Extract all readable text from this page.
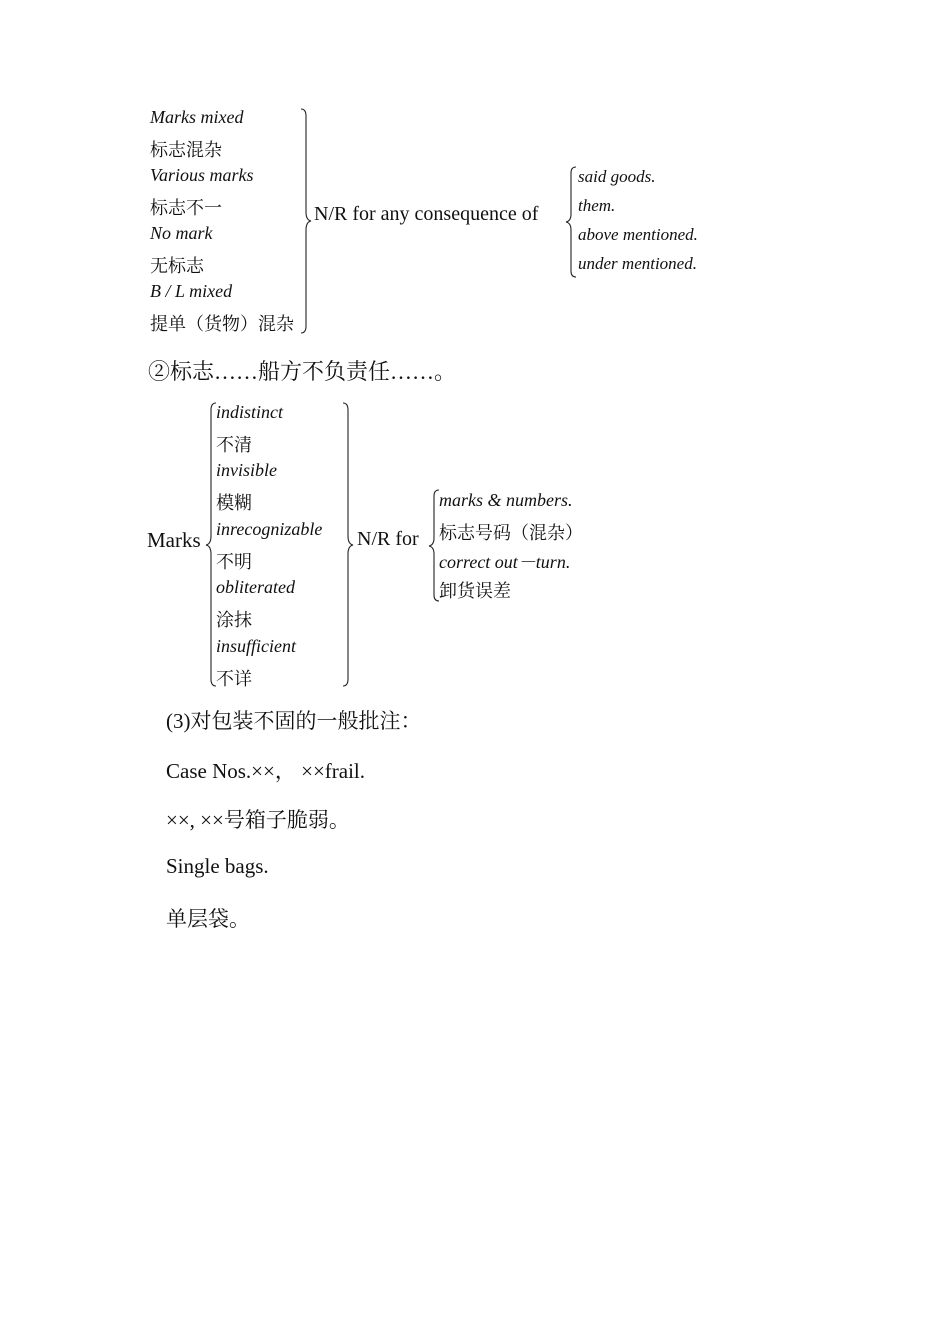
Marks mixed
标志混杂
Various marks
标志不一
No mark
无标志
B / L mixed
提单（货物）混杂
N/R for any consequence of
said goods.
them.
above mentioned.
under mentioned.
②标志……船方不负责任……。
Marks
indistinct
不清
invisible
模糊
inrecognizable
不明
obliterated
涂抹
insufficient
不详
N/R for
marks & numbers.
标志号码（混杂）
correct out－turn.
卸货误差
(3)对包装不固的一般批注：
Case Nos.××， ××frail.
××, ××号箱子脆弱。
Single bags.
单层袋。
